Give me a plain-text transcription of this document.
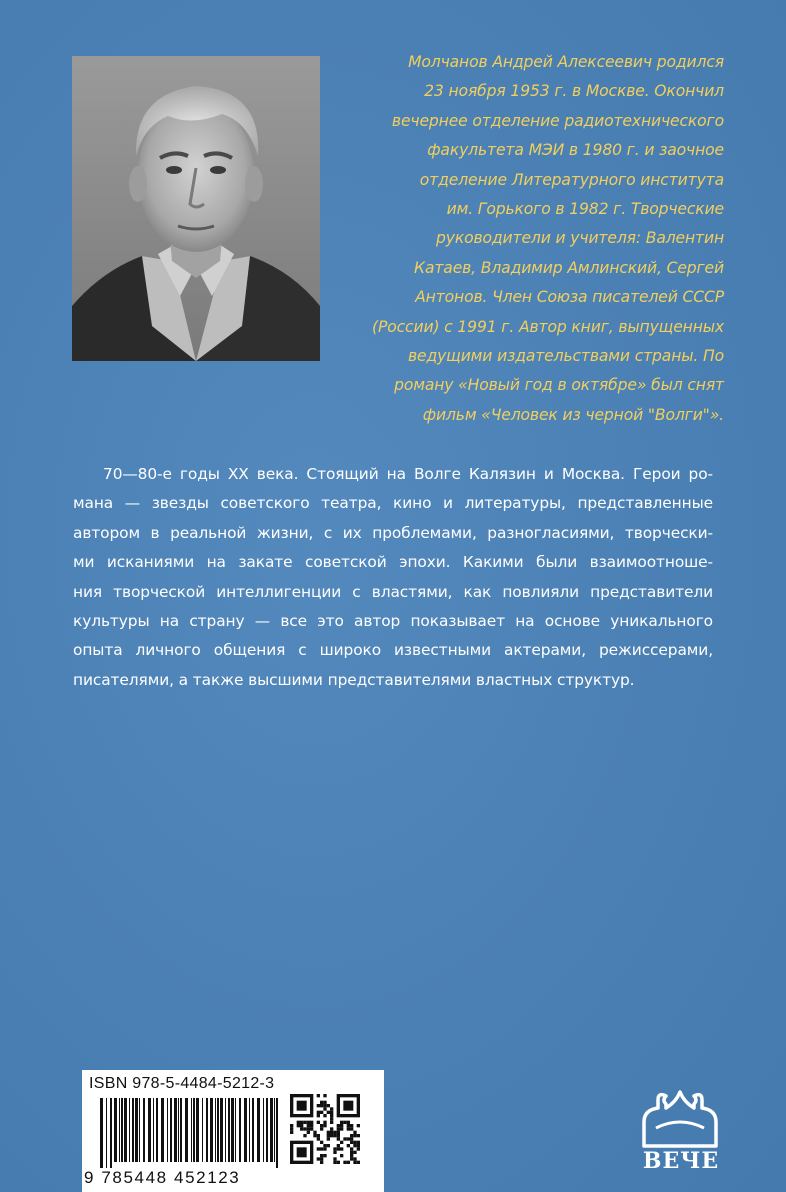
Молчанов Андрей Алексеевич родился
23 ноября 1953 г. в Москве. Окончил
вечернее отделение радиотехнического
факультета МЭИ в 1980 г. и заочное
отделение Литературного института
им. Горького в 1982 г. Творческие
руководители и учителя: Валентин
Катаев, Владимир Амлинский, Сергей
Антонов. Член Союза писателей СССР
(России) с 1991 г. Автор книг, выпущенных
ведущими издательствами страны. По
роману «Новый год в октябре» был снят
фильм «Человек из черной "Волги"».
70—80-е годы XX века. Стоящий на Волге Калязин и Москва. Герои ро-
мана — звезды советского театра, кино и литературы, представленные
автором в реальной жизни, с их проблемами, разногласиями, творчески-
ми исканиями на закате советской эпохи. Какими были взаимоотноше-
ния творческой интеллигенции с властями, как повлияли представители
культуры на страну — все это автор показывает на основе уникального
опыта личного общения с широко известными актерами, режиссерами,
писателями, а также высшими представителями властных структур.
ISBN 978-5-4484-5212-3
9 785448 452123
ВЕЧЕ
